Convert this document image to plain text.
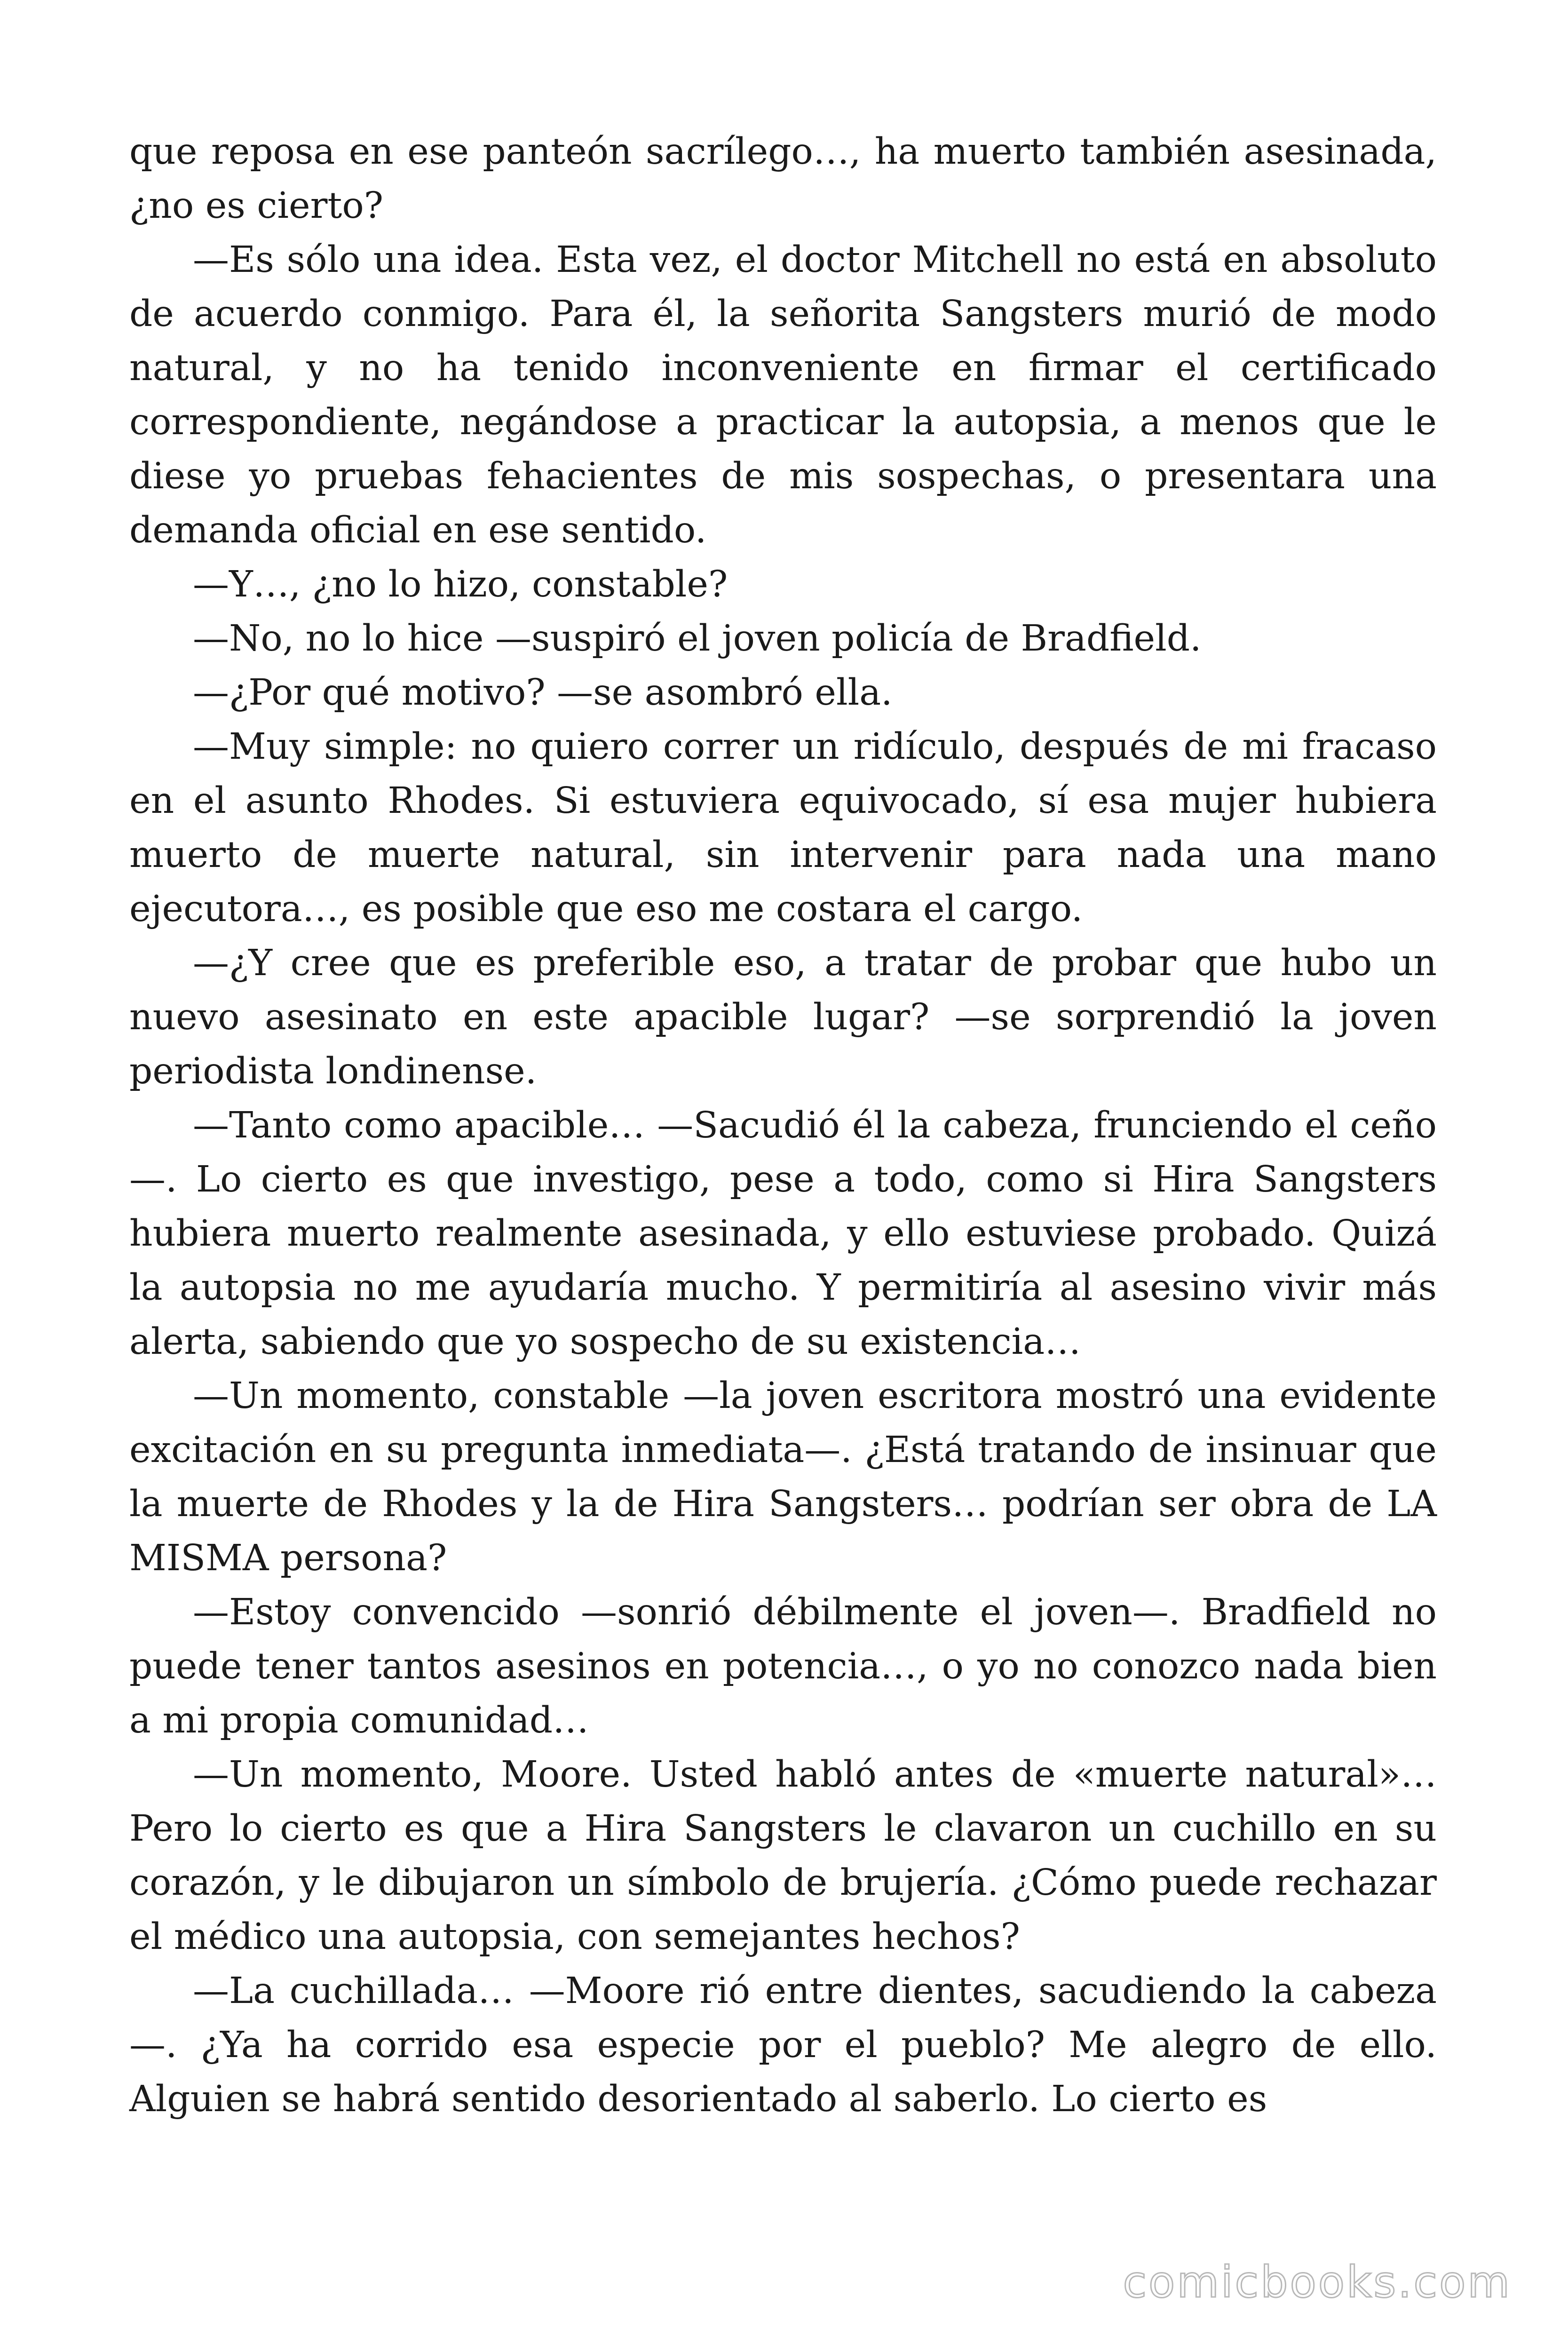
que reposa en ese panteón sacrílego…, ha muerto también asesinada, ¿no es cierto?

—Es sólo una idea. Esta vez, el doctor Mitchell no está en absoluto de acuerdo conmigo. Para él, la señorita Sangsters murió de modo natural, y no ha tenido inconveniente en firmar el certificado correspondiente, negándose a practicar la autopsia, a menos que le diese yo pruebas fehacientes de mis sospechas, o presentara una demanda oficial en ese sentido.

—Y…, ¿no lo hizo, constable?

—No, no lo hice —suspiró el joven policía de Bradfield.

—¿Por qué motivo? —se asombró ella.

—Muy simple: no quiero correr un ridículo, después de mi fracaso en el asunto Rhodes. Si estuviera equivocado, sí esa mujer hubiera muerto de muerte natural, sin intervenir para nada una mano ejecutora…, es posible que eso me costara el cargo.

—¿Y cree que es preferible eso, a tratar de probar que hubo un nuevo asesinato en este apacible lugar? —se sorprendió la joven periodista londinense.

—Tanto como apacible… —Sacudió él la cabeza, frunciendo el ceño—. Lo cierto es que investigo, pese a todo, como si Hira Sangsters hubiera muerto realmente asesinada, y ello estuviese probado. Quizá la autopsia no me ayudaría mucho. Y permitiría al asesino vivir más alerta, sabiendo que yo sospecho de su existencia…

—Un momento, constable —la joven escritora mostró una evidente excitación en su pregunta inmediata—. ¿Está tratando de insinuar que la muerte de Rhodes y la de Hira Sangsters… podrían ser obra de LA MISMA persona?

—Estoy convencido —sonrió débilmente el joven—. Bradfield no puede tener tantos asesinos en potencia…, o yo no conozco nada bien a mi propia comunidad…

—Un momento, Moore. Usted habló antes de «muerte natural»… Pero lo cierto es que a Hira Sangsters le clavaron un cuchillo en su corazón, y le dibujaron un símbolo de brujería. ¿Cómo puede rechazar el médico una autopsia, con semejantes hechos?

—La cuchillada… —Moore rió entre dientes, sacudiendo la cabeza—. ¿Ya ha corrido esa especie por el pueblo? Me alegro de ello. Alguien se habrá sentido desorientado al saberlo. Lo cierto es

comicbooks.com
